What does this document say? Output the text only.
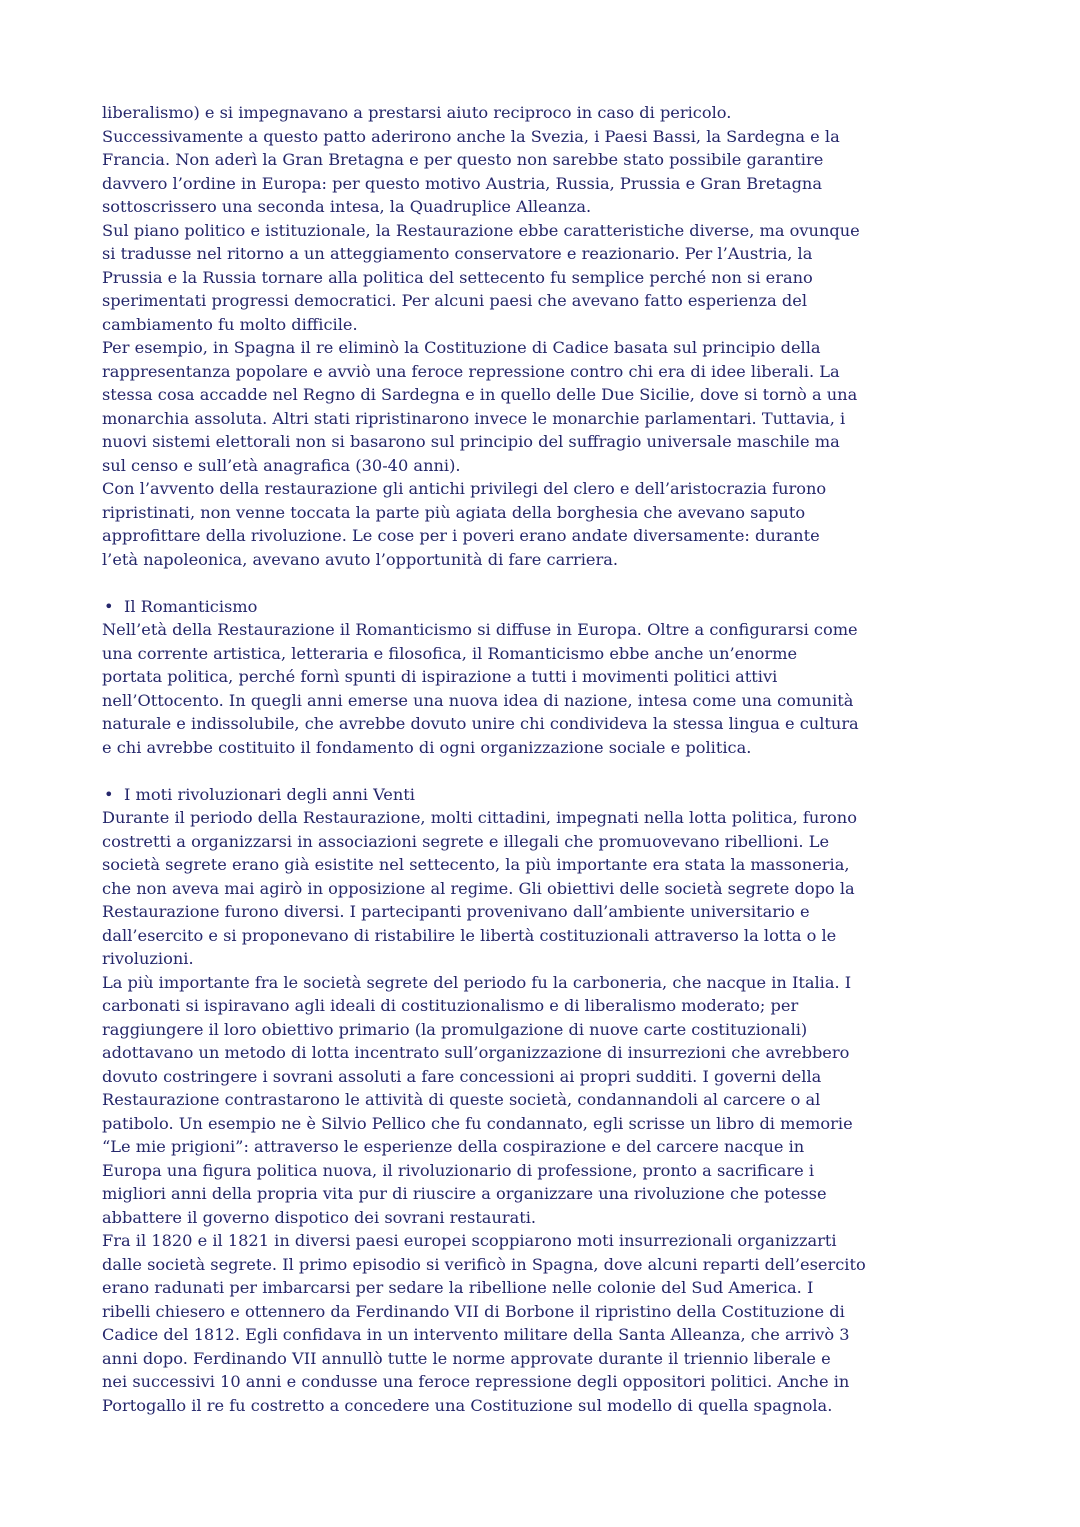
liberalismo) e si impegnavano a prestarsi aiuto reciproco in caso di pericolo.
Successivamente a questo patto aderirono anche la Svezia, i Paesi Bassi, la Sardegna e la
Francia. Non aderì la Gran Bretagna e per questo non sarebbe stato possibile garantire
davvero l’ordine in Europa: per questo motivo Austria, Russia, Prussia e Gran Bretagna
sottoscrissero una seconda intesa, la Quadruplice Alleanza.
Sul piano politico e istituzionale, la Restaurazione ebbe caratteristiche diverse, ma ovunque
si tradusse nel ritorno a un atteggiamento conservatore e reazionario. Per l’Austria, la
Prussia e la Russia tornare alla politica del settecento fu semplice perché non si erano
sperimentati progressi democratici. Per alcuni paesi che avevano fatto esperienza del
cambiamento fu molto difficile.
Per esempio, in Spagna il re eliminò la Costituzione di Cadice basata sul principio della
rappresentanza popolare e avviò una feroce repressione contro chi era di idee liberali. La
stessa cosa accadde nel Regno di Sardegna e in quello delle Due Sicilie, dove si tornò a una
monarchia assoluta. Altri stati ripristinarono invece le monarchie parlamentari. Tuttavia, i
nuovi sistemi elettorali non si basarono sul principio del suffragio universale maschile ma
sul censo e sull’età anagrafica (30-40 anni).
Con l’avvento della restaurazione gli antichi privilegi del clero e dell’aristocrazia furono
ripristinati, non venne toccata la parte più agiata della borghesia che avevano saputo
approfittare della rivoluzione. Le cose per i poveri erano andate diversamente: durante
l’età napoleonica, avevano avuto l’opportunità di fare carriera.
• Il Romanticismo
Nell’età della Restaurazione il Romanticismo si diffuse in Europa. Oltre a configurarsi come
una corrente artistica, letteraria e filosofica, il Romanticismo ebbe anche un’enorme
portata politica, perché fornì spunti di ispirazione a tutti i movimenti politici attivi
nell’Ottocento. In quegli anni emerse una nuova idea di nazione, intesa come una comunità
naturale e indissolubile, che avrebbe dovuto unire chi condivideva la stessa lingua e cultura
e chi avrebbe costituito il fondamento di ogni organizzazione sociale e politica.
• I moti rivoluzionari degli anni Venti
Durante il periodo della Restaurazione, molti cittadini, impegnati nella lotta politica, furono
costretti a organizzarsi in associazioni segrete e illegali che promuovevano ribellioni. Le
società segrete erano già esistite nel settecento, la più importante era stata la massoneria,
che non aveva mai agirò in opposizione al regime. Gli obiettivi delle società segrete dopo la
Restaurazione furono diversi. I partecipanti provenivano dall’ambiente universitario e
dall’esercito e si proponevano di ristabilire le libertà costituzionali attraverso la lotta o le
rivoluzioni.
La più importante fra le società segrete del periodo fu la carboneria, che nacque in Italia. I
carbonati si ispiravano agli ideali di costituzionalismo e di liberalismo moderato; per
raggiungere il loro obiettivo primario (la promulgazione di nuove carte costituzionali)
adottavano un metodo di lotta incentrato sull’organizzazione di insurrezioni che avrebbero
dovuto costringere i sovrani assoluti a fare concessioni ai propri sudditi. I governi della
Restaurazione contrastarono le attività di queste società, condannandoli al carcere o al
patibolo. Un esempio ne è Silvio Pellico che fu condannato, egli scrisse un libro di memorie
“Le mie prigioni”: attraverso le esperienze della cospirazione e del carcere nacque in
Europa una figura politica nuova, il rivoluzionario di professione, pronto a sacrificare i
migliori anni della propria vita pur di riuscire a organizzare una rivoluzione che potesse
abbattere il governo dispotico dei sovrani restaurati.
Fra il 1820 e il 1821 in diversi paesi europei scoppiarono moti insurrezionali organizzarti
dalle società segrete. Il primo episodio si verificò in Spagna, dove alcuni reparti dell’esercito
erano radunati per imbarcarsi per sedare la ribellione nelle colonie del Sud America. I
ribelli chiesero e ottennero da Ferdinando VII di Borbone il ripristino della Costituzione di
Cadice del 1812. Egli confidava in un intervento militare della Santa Alleanza, che arrivò 3
anni dopo. Ferdinando VII annullò tutte le norme approvate durante il triennio liberale e
nei successivi 10 anni e condusse una feroce repressione degli oppositori politici. Anche in
Portogallo il re fu costretto a concedere una Costituzione sul modello di quella spagnola.
